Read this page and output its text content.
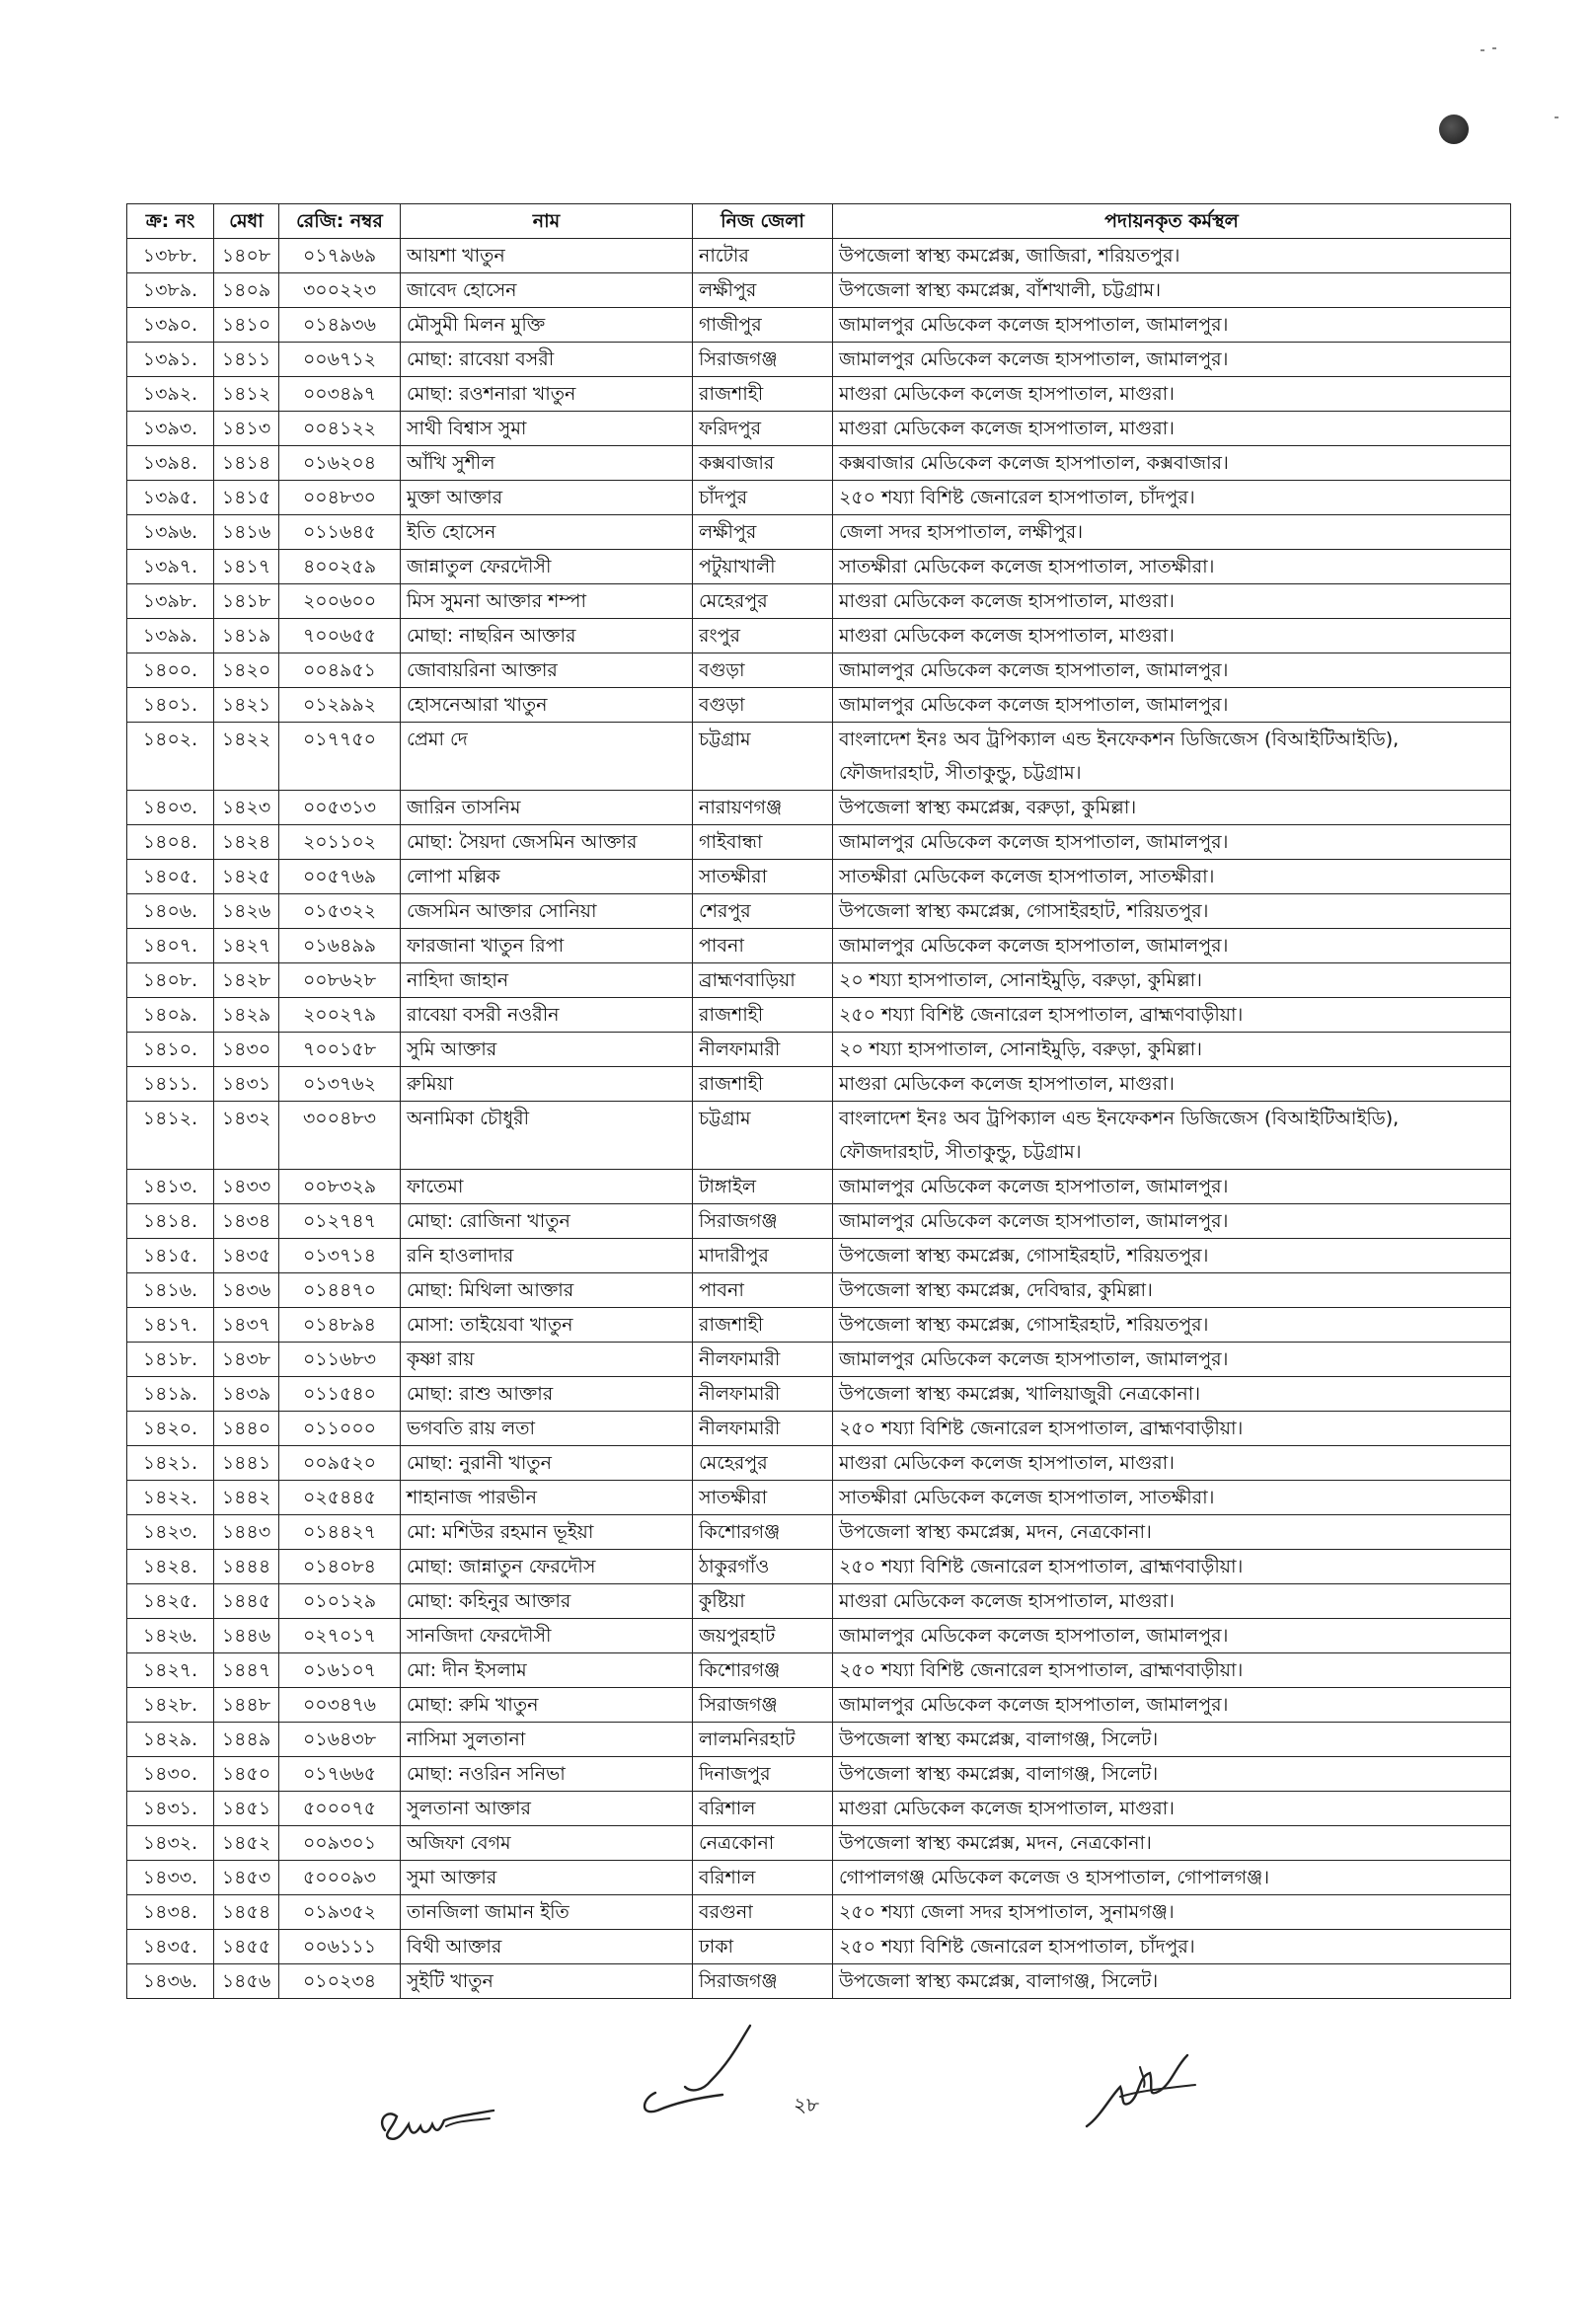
ক্র: নং	মেধা	রেজি: নম্বর	নাম	নিজ জেলা	পদায়নকৃত কর্মস্থল
১৩৮৮.	১৪০৮	০১৭৯৬৯	আয়শা খাতুন	নাটোর	উপজেলা স্বাস্থ্য কমপ্লেক্স, জাজিরা, শরিয়তপুর।
১৩৮৯.	১৪০৯	৩০০২২৩	জাবেদ হোসেন	লক্ষীপুর	উপজেলা স্বাস্থ্য কমপ্লেক্স, বাঁশখালী, চট্টগ্রাম।
১৩৯০.	১৪১০	০১৪৯৩৬	মৌসুমী মিলন মুক্তি	গাজীপুর	জামালপুর মেডিকেল কলেজ হাসপাতাল, জামালপুর।
১৩৯১.	১৪১১	০০৬৭১২	মোছা: রাবেয়া বসরী	সিরাজগঞ্জ	জামালপুর মেডিকেল কলেজ হাসপাতাল, জামালপুর।
১৩৯২.	১৪১২	০০৩৪৯৭	মোছা: রওশনারা খাতুন	রাজশাহী	মাগুরা মেডিকেল কলেজ হাসপাতাল, মাগুরা।
১৩৯৩.	১৪১৩	০০৪১২২	সাথী বিশ্বাস সুমা	ফরিদপুর	মাগুরা মেডিকেল কলেজ হাসপাতাল, মাগুরা।
১৩৯৪.	১৪১৪	০১৬২০৪	আঁখি সুশীল	কক্সবাজার	কক্সবাজার মেডিকেল কলেজ হাসপাতাল, কক্সবাজার।
১৩৯৫.	১৪১৫	০০৪৮৩০	মুক্তা আক্তার	চাঁদপুর	২৫০ শয্যা বিশিষ্ট জেনারেল হাসপাতাল, চাঁদপুর।
১৩৯৬.	১৪১৬	০১১৬৪৫	ইতি হোসেন	লক্ষীপুর	জেলা সদর হাসপাতাল, লক্ষীপুর।
১৩৯৭.	১৪১৭	৪০০২৫৯	জান্নাতুল ফেরদৌসী	পটুয়াখালী	সাতক্ষীরা মেডিকেল কলেজ হাসপাতাল, সাতক্ষীরা।
১৩৯৮.	১৪১৮	২০০৬০০	মিস সুমনা আক্তার শম্পা	মেহেরপুর	মাগুরা মেডিকেল কলেজ হাসপাতাল, মাগুরা।
১৩৯৯.	১৪১৯	৭০০৬৫৫	মোছা: নাছরিন আক্তার	রংপুর	মাগুরা মেডিকেল কলেজ হাসপাতাল, মাগুরা।
১৪০০.	১৪২০	০০৪৯৫১	জোবায়রিনা আক্তার	বগুড়া	জামালপুর মেডিকেল কলেজ হাসপাতাল, জামালপুর।
১৪০১.	১৪২১	০১২৯৯২	হোসনেআরা খাতুন	বগুড়া	জামালপুর মেডিকেল কলেজ হাসপাতাল, জামালপুর।
১৪০২.	১৪২২	০১৭৭৫০	প্রেমা দে	চট্টগ্রাম	বাংলাদেশ ইনঃ অব ট্রপিক্যাল এন্ড ইনফেকশন ডিজিজেস (বিআইটিআইডি), ফৌজদারহাট, সীতাকুন্ডু, চট্টগ্রাম।
১৪০৩.	১৪২৩	০০৫৩১৩	জারিন তাসনিম	নারায়ণগঞ্জ	উপজেলা স্বাস্থ্য কমপ্লেক্স, বরুড়া, কুমিল্লা।
১৪০৪.	১৪২৪	২০১১০২	মোছা: সৈয়দা জেসমিন আক্তার	গাইবান্ধা	জামালপুর মেডিকেল কলেজ হাসপাতাল, জামালপুর।
১৪০৫.	১৪২৫	০০৫৭৬৯	লোপা মল্লিক	সাতক্ষীরা	সাতক্ষীরা মেডিকেল কলেজ হাসপাতাল, সাতক্ষীরা।
১৪০৬.	১৪২৬	০১৫৩২২	জেসমিন আক্তার সোনিয়া	শেরপুর	উপজেলা স্বাস্থ্য কমপ্লেক্স, গোসাইরহাট, শরিয়তপুর।
১৪০৭.	১৪২৭	০১৬৪৯৯	ফারজানা খাতুন রিপা	পাবনা	জামালপুর মেডিকেল কলেজ হাসপাতাল, জামালপুর।
১৪০৮.	১৪২৮	০০৮৬২৮	নাহিদা জাহান	ব্রাহ্মণবাড়িয়া	২০ শয্যা হাসপাতাল, সোনাইমুড়ি, বরুড়া, কুমিল্লা।
১৪০৯.	১৪২৯	২০০২৭৯	রাবেয়া বসরী নওরীন	রাজশাহী	২৫০ শয্যা বিশিষ্ট জেনারেল হাসপাতাল, ব্রাহ্মণবাড়ীয়া।
১৪১০.	১৪৩০	৭০০১৫৮	সুমি আক্তার	নীলফামারী	২০ শয্যা হাসপাতাল, সোনাইমুড়ি, বরুড়া, কুমিল্লা।
১৪১১.	১৪৩১	০১৩৭৬২	রুমিয়া	রাজশাহী	মাগুরা মেডিকেল কলেজ হাসপাতাল, মাগুরা।
১৪১২.	১৪৩২	৩০০৪৮৩	অনামিকা চৌধুরী	চট্টগ্রাম	বাংলাদেশ ইনঃ অব ট্রপিক্যাল এন্ড ইনফেকশন ডিজিজেস (বিআইটিআইডি), ফৌজদারহাট, সীতাকুন্ডু, চট্টগ্রাম।
১৪১৩.	১৪৩৩	০০৮৩২৯	ফাতেমা	টাঙ্গাইল	জামালপুর মেডিকেল কলেজ হাসপাতাল, জামালপুর।
১৪১৪.	১৪৩৪	০১২৭৪৭	মোছা: রোজিনা খাতুন	সিরাজগঞ্জ	জামালপুর মেডিকেল কলেজ হাসপাতাল, জামালপুর।
১৪১৫.	১৪৩৫	০১৩৭১৪	রনি হাওলাদার	মাদারীপুর	উপজেলা স্বাস্থ্য কমপ্লেক্স, গোসাইরহাট, শরিয়তপুর।
১৪১৬.	১৪৩৬	০১৪৪৭০	মোছা: মিথিলা আক্তার	পাবনা	উপজেলা স্বাস্থ্য কমপ্লেক্স, দেবিদ্বার, কুমিল্লা।
১৪১৭.	১৪৩৭	০১৪৮৯৪	মোসা: তাইয়েবা খাতুন	রাজশাহী	উপজেলা স্বাস্থ্য কমপ্লেক্স, গোসাইরহাট, শরিয়তপুর।
১৪১৮.	১৪৩৮	০১১৬৮৩	কৃষ্ণা রায়	নীলফামারী	জামালপুর মেডিকেল কলেজ হাসপাতাল, জামালপুর।
১৪১৯.	১৪৩৯	০১১৫৪০	মোছা: রাশু আক্তার	নীলফামারী	উপজেলা স্বাস্থ্য কমপ্লেক্স, খালিয়াজুরী নেত্রকোনা।
১৪২০.	১৪৪০	০১১০০০	ভগবতি রায় লতা	নীলফামারী	২৫০ শয্যা বিশিষ্ট জেনারেল হাসপাতাল, ব্রাহ্মণবাড়ীয়া।
১৪২১.	১৪৪১	০০৯৫২০	মোছা: নুরানী খাতুন	মেহেরপুর	মাগুরা মেডিকেল কলেজ হাসপাতাল, মাগুরা।
১৪২২.	১৪৪২	০২৫৪৪৫	শাহানাজ পারভীন	সাতক্ষীরা	সাতক্ষীরা মেডিকেল কলেজ হাসপাতাল, সাতক্ষীরা।
১৪২৩.	১৪৪৩	০১৪৪২৭	মো: মশিউর রহমান ভূইয়া	কিশোরগঞ্জ	উপজেলা স্বাস্থ্য কমপ্লেক্স, মদন, নেত্রকোনা।
১৪২৪.	১৪৪৪	০১৪০৮৪	মোছা: জান্নাতুন ফেরদৌস	ঠাকুরগাঁও	২৫০ শয্যা বিশিষ্ট জেনারেল হাসপাতাল, ব্রাহ্মণবাড়ীয়া।
১৪২৫.	১৪৪৫	০১০১২৯	মোছা: কহিনুর আক্তার	কুষ্টিয়া	মাগুরা মেডিকেল কলেজ হাসপাতাল, মাগুরা।
১৪২৬.	১৪৪৬	০২৭০১৭	সানজিদা ফেরদৌসী	জয়পুরহাট	জামালপুর মেডিকেল কলেজ হাসপাতাল, জামালপুর।
১৪২৭.	১৪৪৭	০১৬১০৭	মো: দীন ইসলাম	কিশোরগঞ্জ	২৫০ শয্যা বিশিষ্ট জেনারেল হাসপাতাল, ব্রাহ্মণবাড়ীয়া।
১৪২৮.	১৪৪৮	০০৩৪৭৬	মোছা: রুমি খাতুন	সিরাজগঞ্জ	জামালপুর মেডিকেল কলেজ হাসপাতাল, জামালপুর।
১৪২৯.	১৪৪৯	০১৬৪৩৮	নাসিমা সুলতানা	লালমনিরহাট	উপজেলা স্বাস্থ্য কমপ্লেক্স, বালাগঞ্জ, সিলেট।
১৪৩০.	১৪৫০	০১৭৬৬৫	মোছা: নওরিন সনিভা	দিনাজপুর	উপজেলা স্বাস্থ্য কমপ্লেক্স, বালাগঞ্জ, সিলেট।
১৪৩১.	১৪৫১	৫০০০৭৫	সুলতানা আক্তার	বরিশাল	মাগুরা মেডিকেল কলেজ হাসপাতাল, মাগুরা।
১৪৩২.	১৪৫২	০০৯৩০১	অজিফা বেগম	নেত্রকোনা	উপজেলা স্বাস্থ্য কমপ্লেক্স, মদন, নেত্রকোনা।
১৪৩৩.	১৪৫৩	৫০০০৯৩	সুমা আক্তার	বরিশাল	গোপালগঞ্জ মেডিকেল কলেজ ও হাসপাতাল, গোপালগঞ্জ।
১৪৩৪.	১৪৫৪	০১৯৩৫২	তানজিলা জামান ইতি	বরগুনা	২৫০ শয্যা জেলা সদর হাসপাতাল, সুনামগঞ্জ।
১৪৩৫.	১৪৫৫	০০৬১১১	বিথী আক্তার	ঢাকা	২৫০ শয্যা বিশিষ্ট জেনারেল হাসপাতাল, চাঁদপুর।
১৪৩৬.	১৪৫৬	০১০২৩৪	সুইটি খাতুন	সিরাজগঞ্জ	উপজেলা স্বাস্থ্য কমপ্লেক্স, বালাগঞ্জ, সিলেট।
২৮
